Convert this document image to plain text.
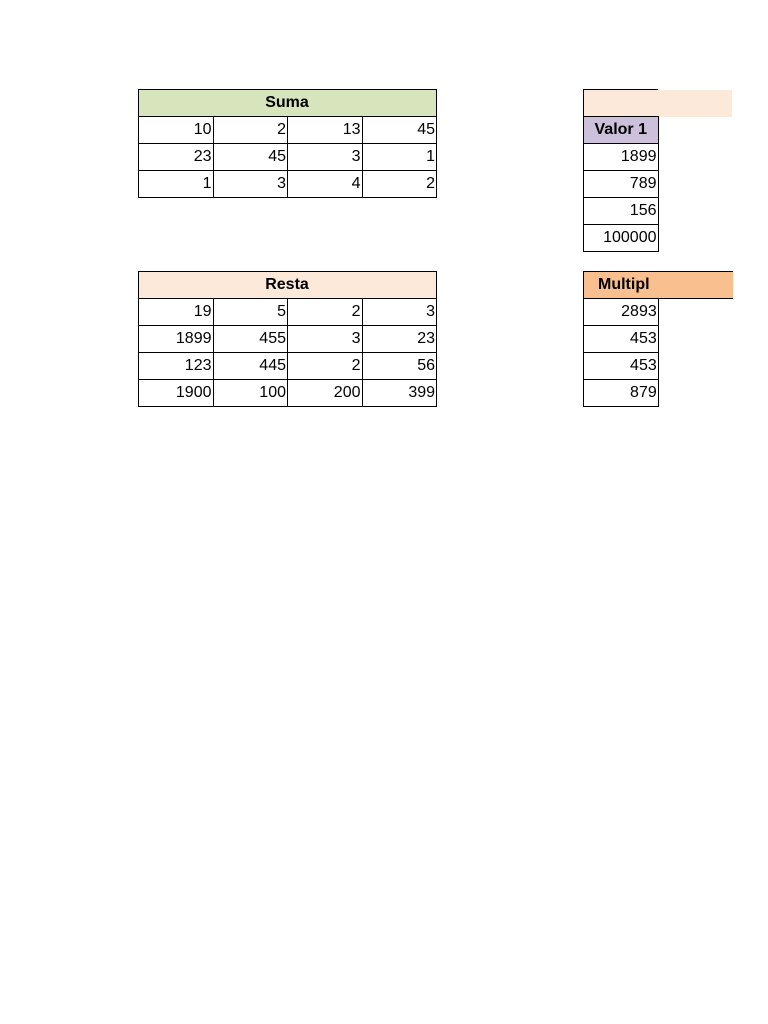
Suma			
10	2	13	45
23	45	3	1
1	3	4	2

Valor 1	
1899	
789	
156	
100000	
Resta			
19	5	2	3
1899	455	3	23
123	445	2	56
1900	100	200	399
Multipl	
2893	
453	
453	
879	
